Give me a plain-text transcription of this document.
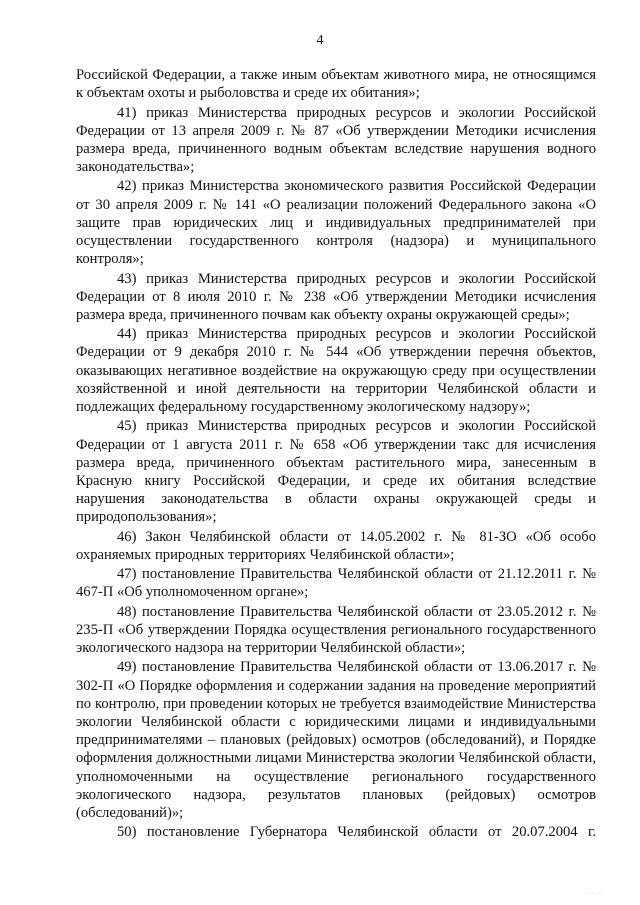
4

Российской Федерации, а также иным объектам животного мира, не относящимся к объектам охоты и рыболовства и среде их обитания»;

41) приказ Министерства природных ресурсов и экологии Российской Федерации от 13 апреля 2009 г. № 87 «Об утверждении Методики исчисления размера вреда, причиненного водным объектам вследствие нарушения водного законодательства»;

42) приказ Министерства экономического развития Российской Федерации от 30 апреля 2009 г. № 141 «О реализации положений Федерального закона «О защите прав юридических лиц и индивидуальных предпринимателей при осуществлении государственного контроля (надзора) и муниципального контроля»;

43) приказ Министерства природных ресурсов и экологии Российской Федерации от 8 июля 2010 г. № 238 «Об утверждении Методики исчисления размера вреда, причиненного почвам как объекту охраны окружающей среды»;

44) приказ Министерства природных ресурсов и экологии Российской Федерации от 9 декабря 2010 г. № 544 «Об утверждении перечня объектов, оказывающих негативное воздействие на окружающую среду при осуществлении хозяйственной и иной деятельности на территории Челябинской области и подлежащих федеральному государственному экологическому надзору»;

45) приказ Министерства природных ресурсов и экологии Российской Федерации от 1 августа 2011 г. № 658 «Об утверждении такс для исчисления размера вреда, причиненного объектам растительного мира, занесенным в Красную книгу Российской Федерации, и среде их обитания вследствие нарушения законодательства в области охраны окружающей среды и природопользования»;

46) Закон Челябинской области от 14.05.2002 г. № 81-ЗО «Об особо охраняемых природных территориях Челябинской области»;

47) постановление Правительства Челябинской области от 21.12.2011 г. № 467-П «Об уполномоченном органе»;

48) постановление Правительства Челябинской области от 23.05.2012 г. № 235-П «Об утверждении Порядка осуществления регионального государственного экологического надзора на территории Челябинской области»;

49) постановление Правительства Челябинской области от 13.06.2017 г. № 302-П «О Порядке оформления и содержании задания на проведение мероприятий по контролю, при проведении которых не требуется взаимодействие Министерства экологии Челябинской области с юридическими лицами и индивидуальными предпринимателями – плановых (рейдовых) осмотров (обследований), и Порядке оформления должностными лицами Министерства экологии Челябинской области, уполномоченными на осуществление регионального государственного экологического надзора, результатов плановых (рейдовых) осмотров (обследований)»;

50) постановление Губернатора Челябинской области от 20.07.2004 г.

···· ··
